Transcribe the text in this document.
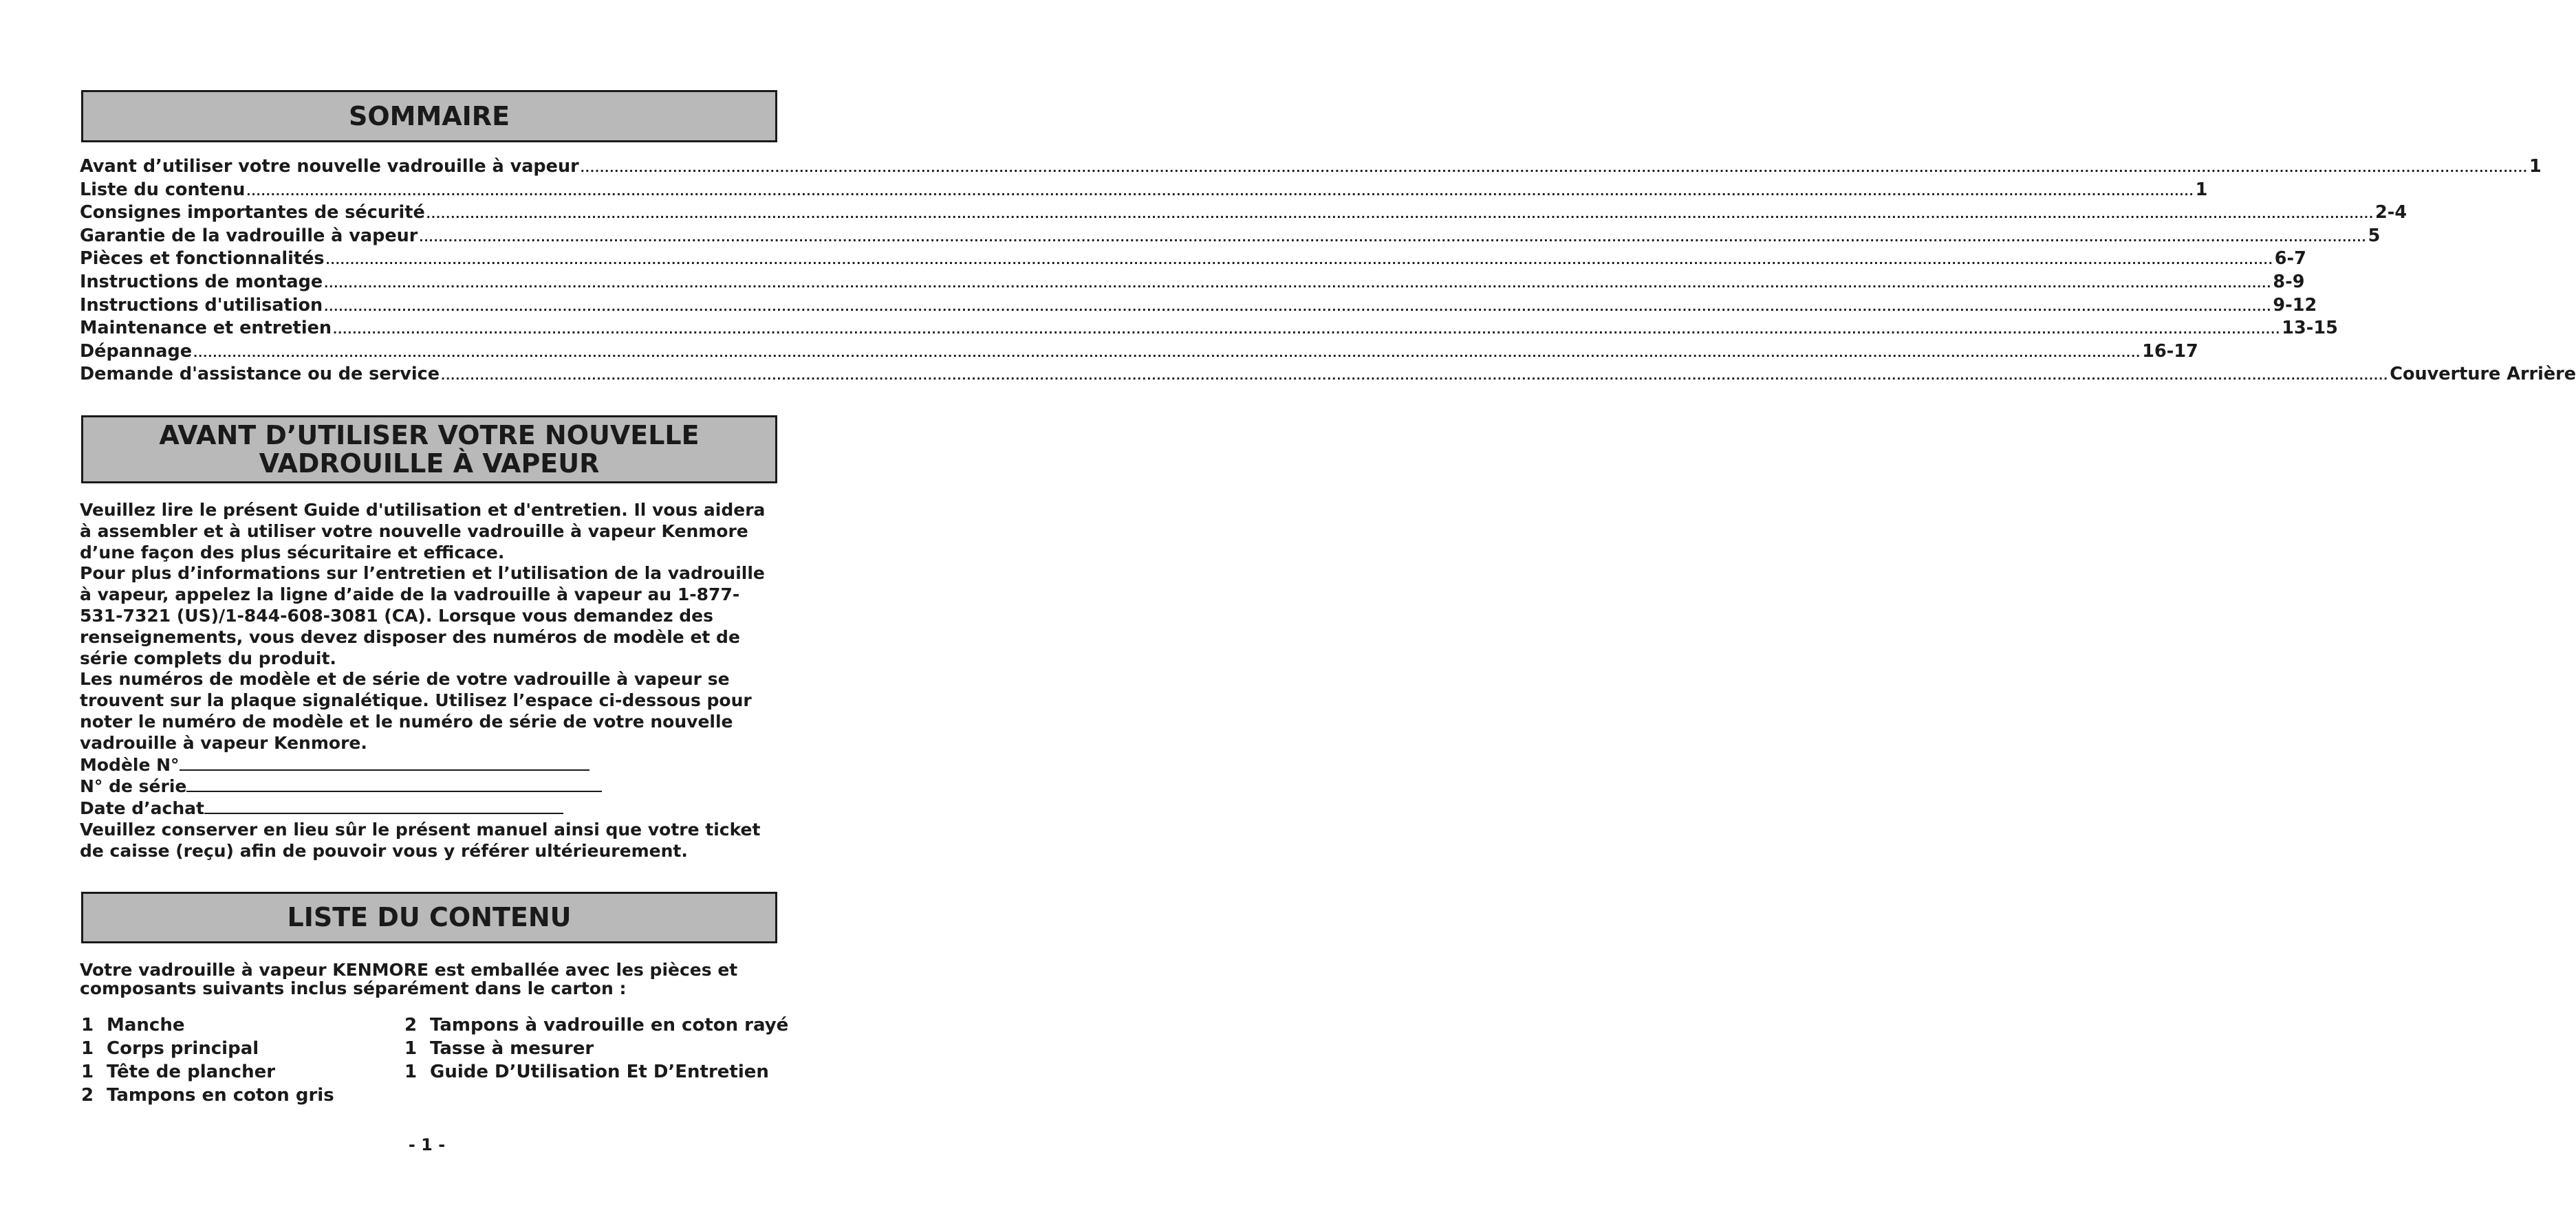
SOMMAIRE
Avant d’utiliser votre nouvelle vadrouille à vapeur ................................................................................................................................................................................................................................................................................................................................................................................................................ 1
Liste du contenu ................................................................................................................................................................................................................................................................................................................................................................................................................ 1
Consignes importantes de sécurité ................................................................................................................................................................................................................................................................................................................................................................................................................ 2-4
Garantie de la vadrouille à vapeur ................................................................................................................................................................................................................................................................................................................................................................................................................ 5
Pièces et fonctionnalités ................................................................................................................................................................................................................................................................................................................................................................................................................ 6-7
Instructions de montage ................................................................................................................................................................................................................................................................................................................................................................................................................ 8-9
Instructions d'utilisation ................................................................................................................................................................................................................................................................................................................................................................................................................ 9-12
Maintenance et entretien ................................................................................................................................................................................................................................................................................................................................................................................................................ 13-15
Dépannage ................................................................................................................................................................................................................................................................................................................................................................................................................ 16-17
Demande d'assistance ou de service ................................................................................................................................................................................................................................................................................................................................................................................................................ Couverture Arrière
AVANT D’UTILISER VOTRE NOUVELLE
VADROUILLE À VAPEUR

Veuillez lire le présent Guide d'utilisation et d'entretien. Il vous aidera à assembler et à utiliser votre nouvelle vadrouille à vapeur Kenmore d’une façon des plus sécuritaire et efficace.

Pour plus d’informations sur l’entretien et l’utilisation de la vadrouille à vapeur, appelez la ligne d’aide de la vadrouille à vapeur au 1-877-531-7321 (US)/1-844-608-3081 (CA). Lorsque vous demandez des renseignements, vous devez disposer des numéros de modèle et de série complets du produit.

Les numéros de modèle et de série de votre vadrouille à vapeur se trouvent sur la plaque signalétique. Utilisez l’espace ci-dessous pour noter le numéro de modèle et le numéro de série de votre nouvelle vadrouille à vapeur Kenmore.

Modèle N°
N° de série
Date d’achat

Veuillez conserver en lieu sûr le présent manuel ainsi que votre ticket de caisse (reçu) afin de pouvoir vous y référer ultérieurement.

LISTE DU CONTENU

Votre vadrouille à vapeur KENMORE est emballée avec les pièces et

composants suivants inclus séparément dans le carton :

1 Manche
1 Corps principal
1 Tête de plancher
2 Tampons en coton gris
2 Tampons à vadrouille en coton rayé
1 Tasse à mesurer
1 Guide D’Utilisation Et D’Entretien
- 1 -
